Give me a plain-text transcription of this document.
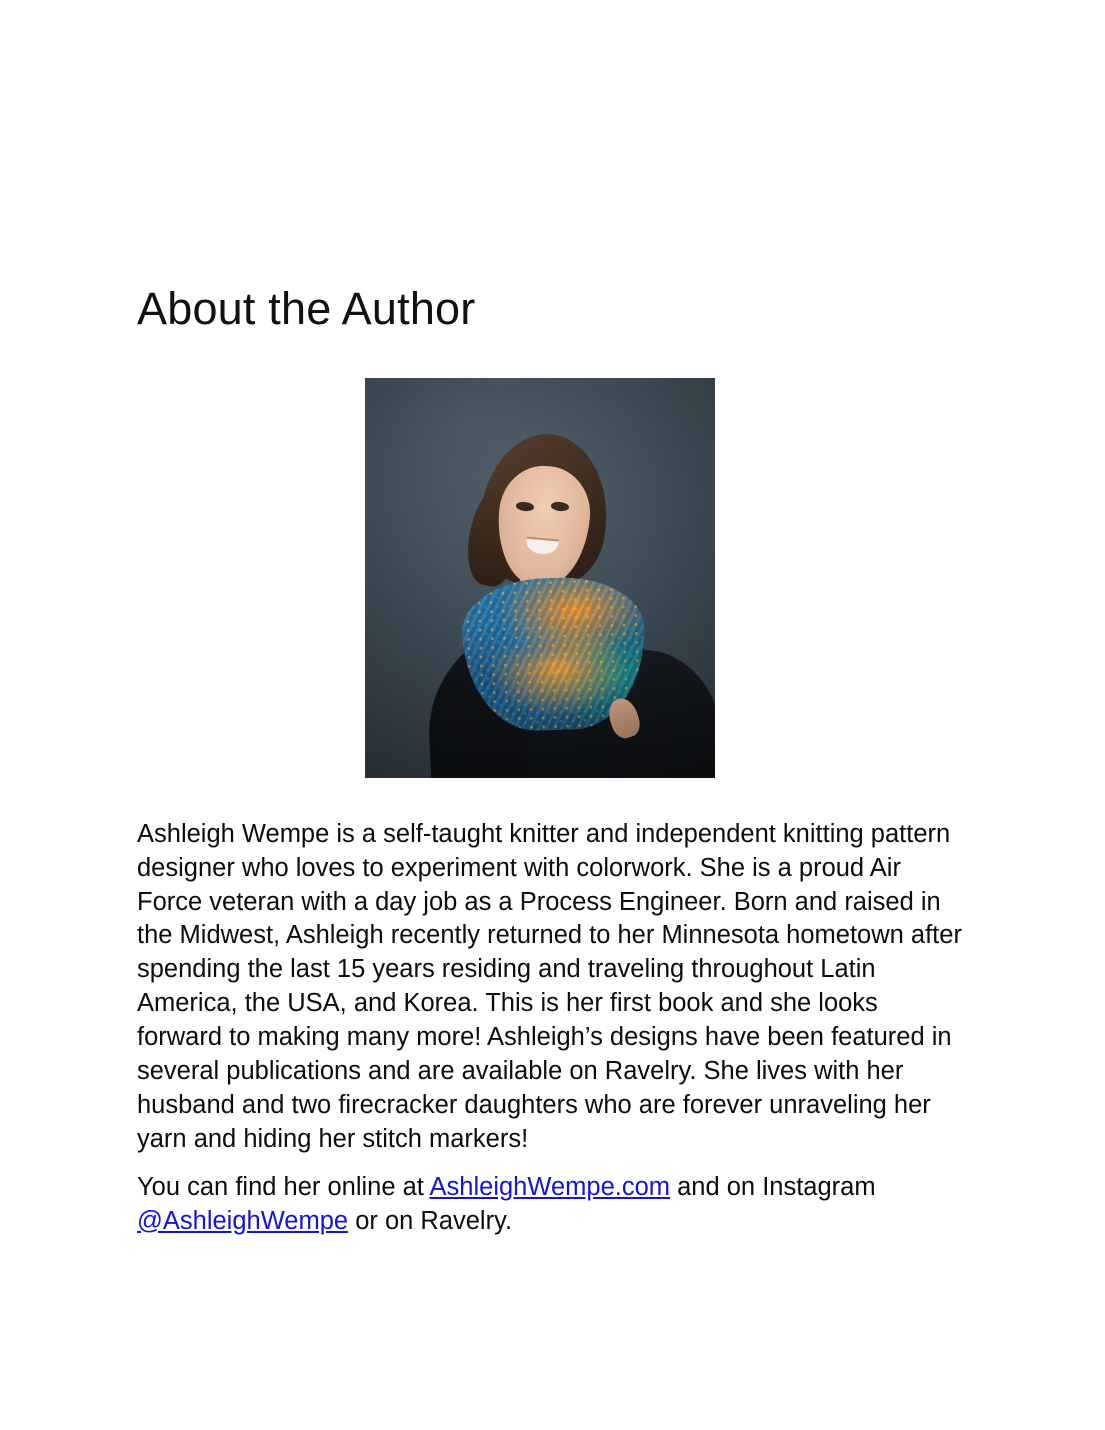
About the Author

Ashleigh Wempe is a self-taught knitter and independent knitting pattern designer who loves to experiment with colorwork. She is a proud Air Force veteran with a day job as a Process Engineer. Born and raised in the Midwest, Ashleigh recently returned to her Minnesota hometown after spending the last 15 years residing and traveling throughout Latin America, the USA, and Korea. This is her first book and she looks forward to making many more! Ashleigh’s designs have been featured in several publications and are available on Ravelry. She lives with her husband and two firecracker daughters who are forever unraveling her yarn and hiding her stitch markers!

You can find her online at AshleighWempe.com and on Instagram @AshleighWempe or on Ravelry.
